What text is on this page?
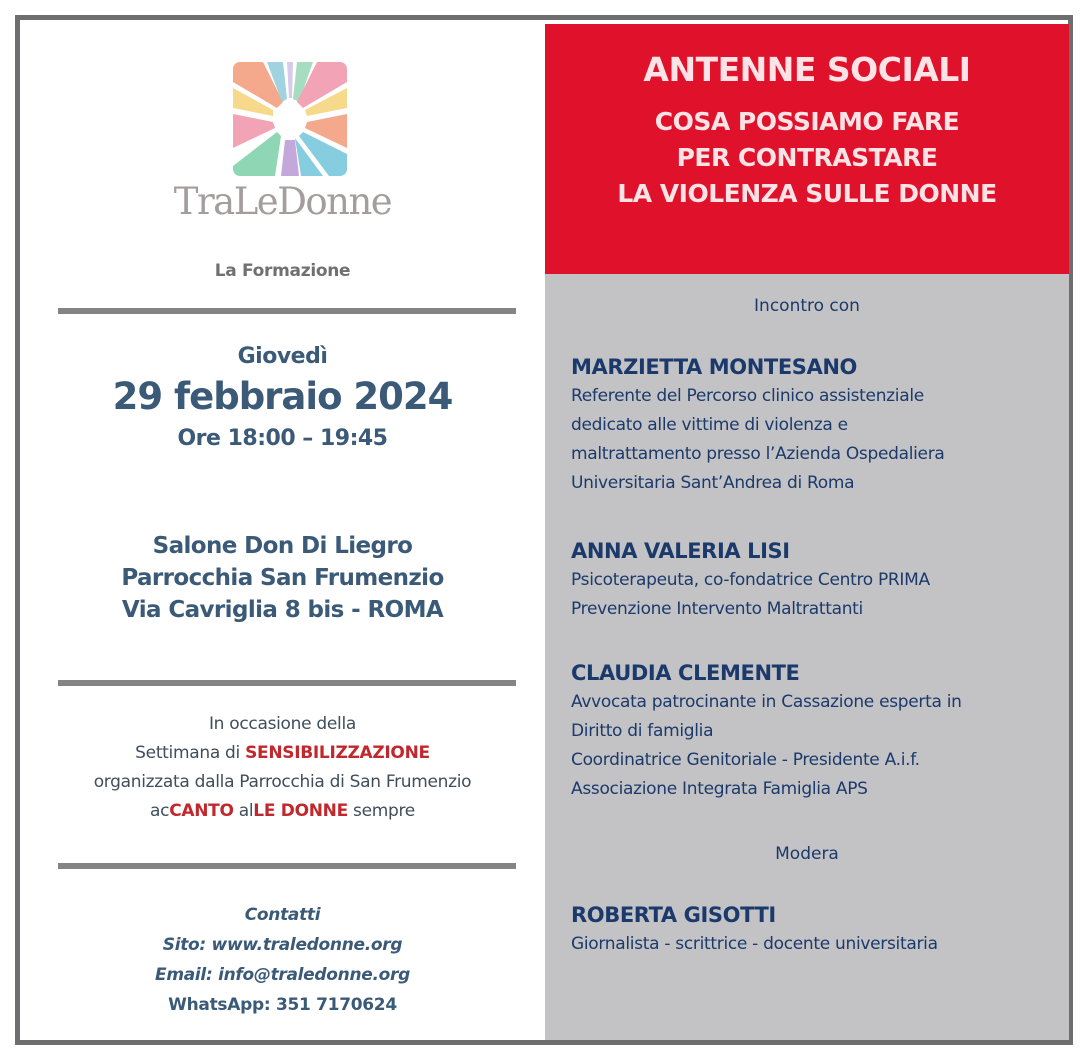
TraLeDonne
La Formazione
Giovedì
29 febbraio 2024
Ore 18:00 – 19:45
Salone Don Di Liegro
Parrocchia San Frumenzio
Via Cavriglia 8 bis - ROMA
In occasione della
Settimana di SENSIBILIZZAZIONE
organizzata dalla Parrocchia di San Frumenzio
acCANTO alLE DONNE sempre
Contatti
Sito: www.traledonne.org
Email: info@traledonne.org
WhatsApp: 351 7170624
ANTENNE SOCIALI
COSA POSSIAMO FARE
PER CONTRASTARE
LA VIOLENZA SULLE DONNE
Incontro con
MARZIETTA MONTESANO
Referente del Percorso clinico assistenziale
dedicato alle vittime di violenza e
maltrattamento presso l’Azienda Ospedaliera
Universitaria Sant’Andrea di Roma
ANNA VALERIA LISI
Psicoterapeuta, co-fondatrice Centro PRIMA
Prevenzione Intervento Maltrattanti
CLAUDIA CLEMENTE
Avvocata patrocinante in Cassazione esperta in
Diritto di famiglia
Coordinatrice Genitoriale - Presidente A.i.f.
Associazione Integrata Famiglia APS
Modera
ROBERTA GISOTTI
Giornalista - scrittrice - docente universitaria
